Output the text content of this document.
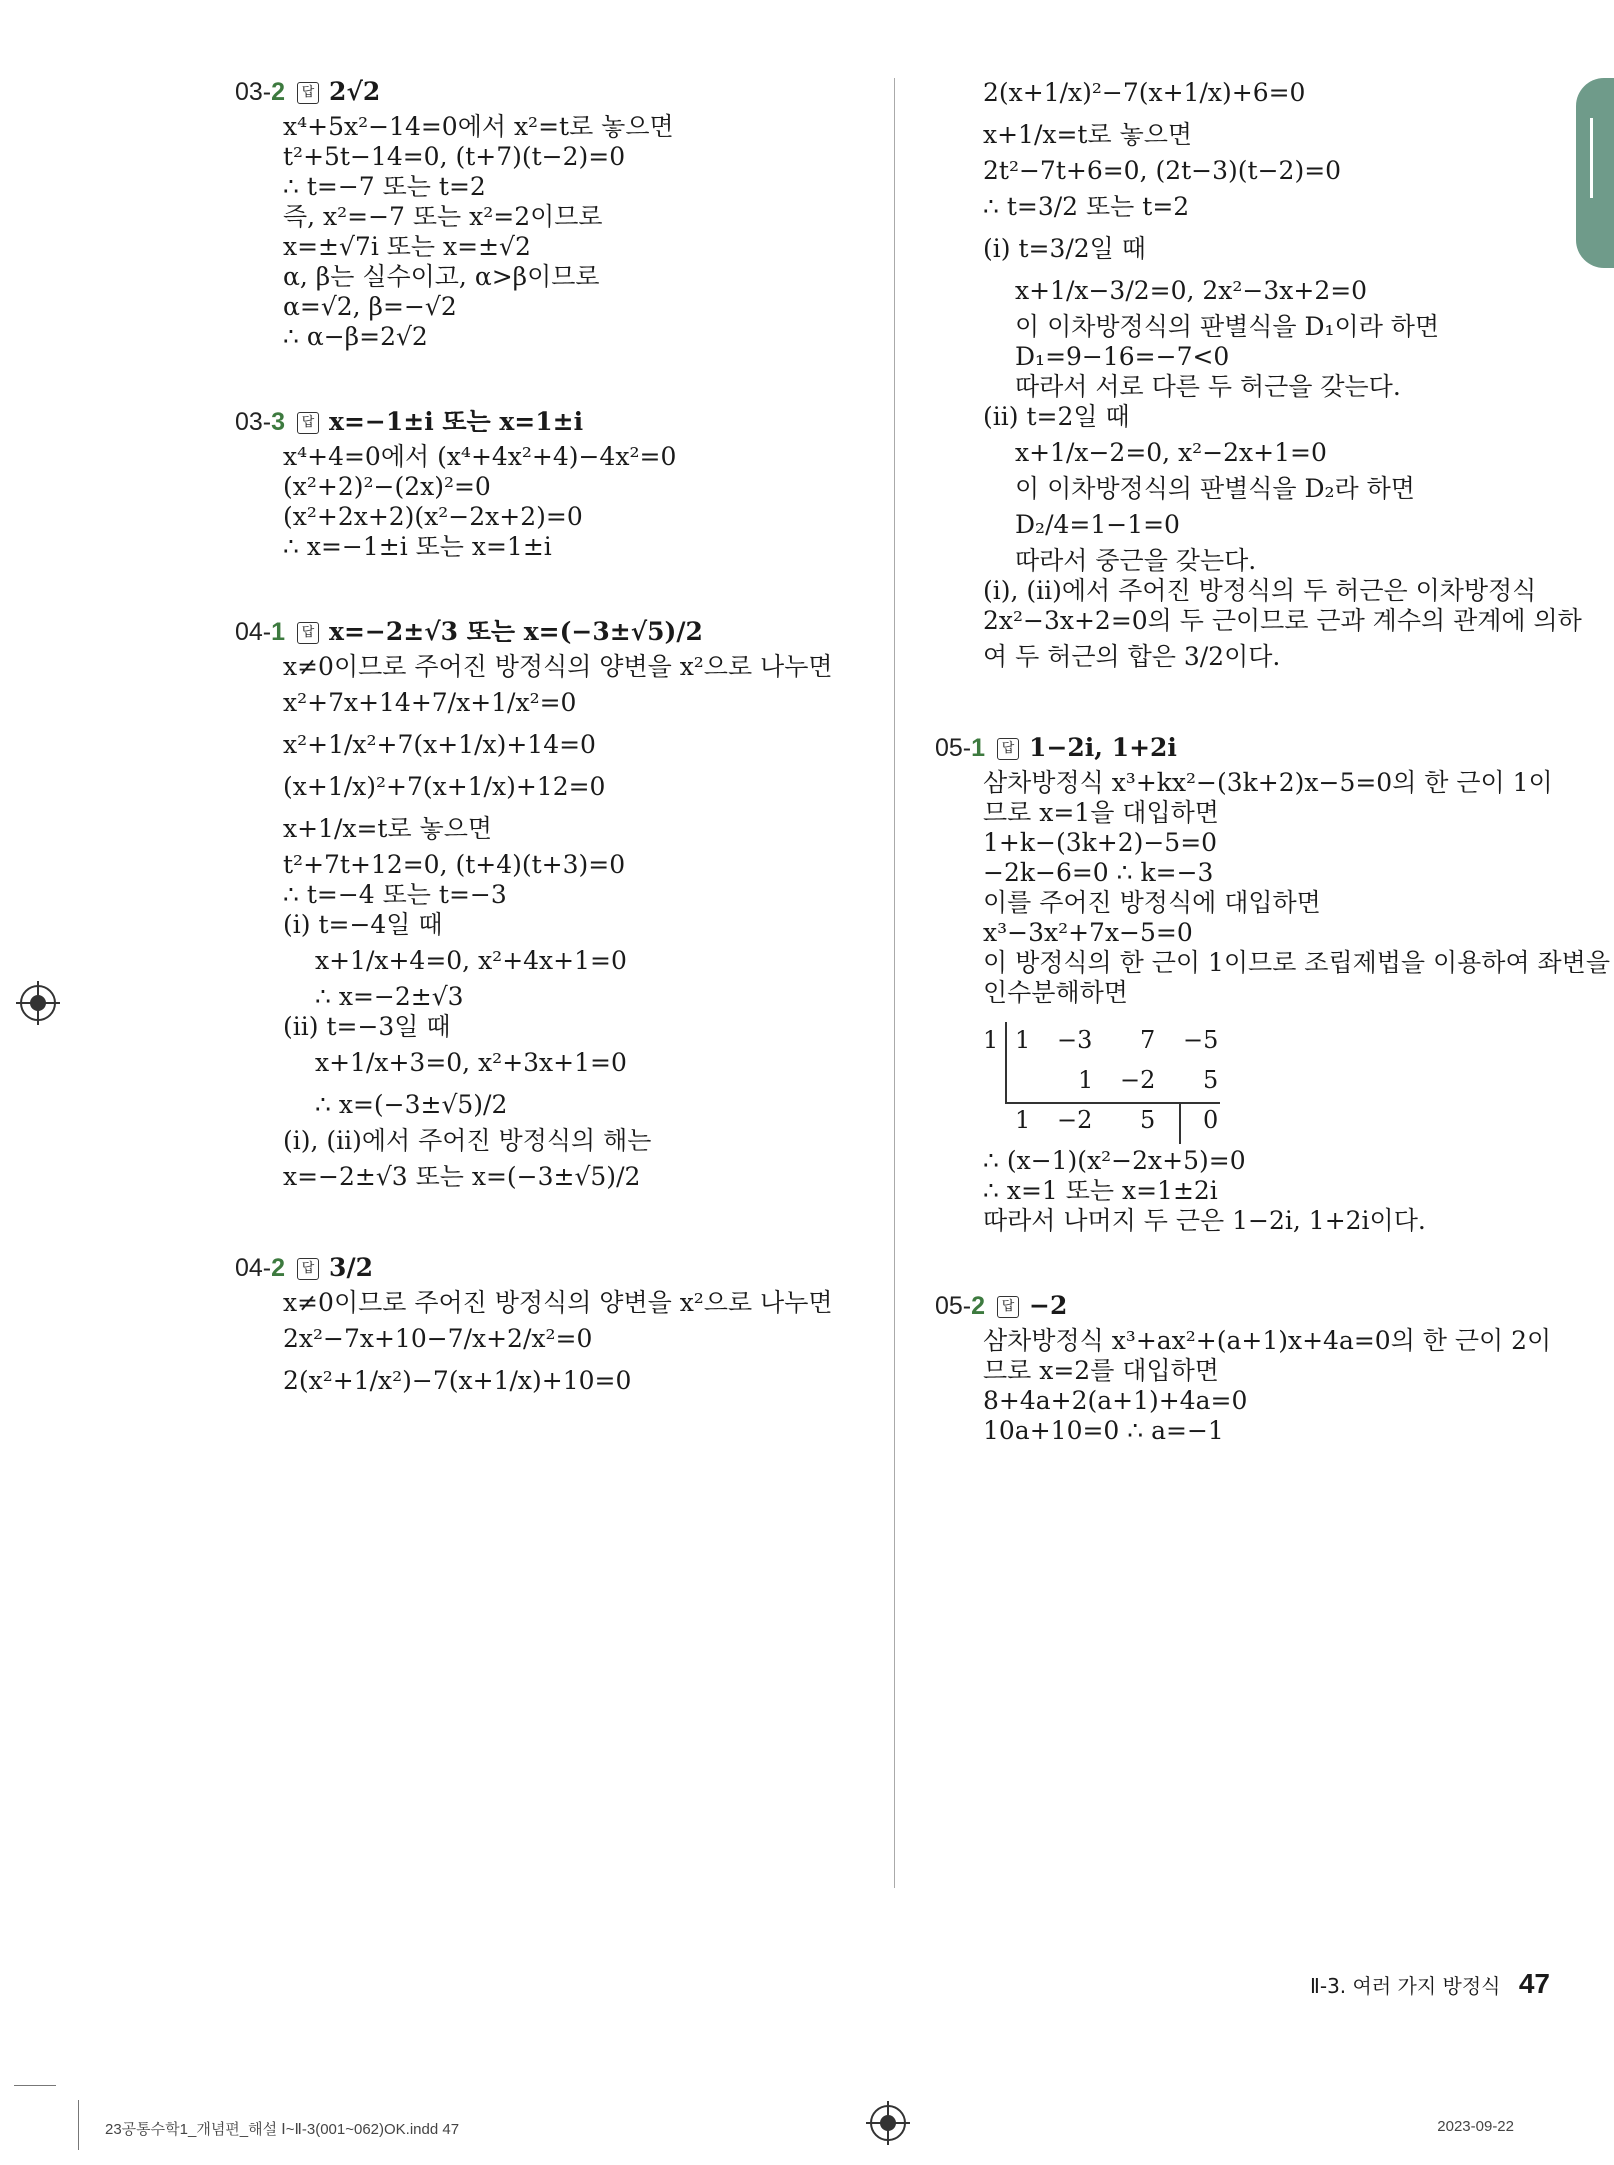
03-2 답 2√2
x⁴+5x²−14=0에서 x²=t로 놓으면
t²+5t−14=0, (t+7)(t−2)=0
∴ t=−7 또는 t=2
즉, x²=−7 또는 x²=2이므로
x=±√7i 또는 x=±√2
α, β는 실수이고, α>β이므로
α=√2, β=−√2
∴ α−β=2√2
03-3 답 x=−1±i 또는 x=1±i
x⁴+4=0에서 (x⁴+4x²+4)−4x²=0
(x²+2)²−(2x)²=0
(x²+2x+2)(x²−2x+2)=0
∴ x=−1±i 또는 x=1±i
04-1 답 x=−2±√3 또는 x=(−3±√5)/2
x≠0이므로 주어진 방정식의 양변을 x²으로 나누면
x²+7x+14+7/x+1/x²=0
x²+1/x²+7(x+1/x)+14=0
(x+1/x)²+7(x+1/x)+12=0
x+1/x=t로 놓으면
t²+7t+12=0, (t+4)(t+3)=0
∴ t=−4 또는 t=−3
(ⅰ) t=−4일 때
x+1/x+4=0, x²+4x+1=0
∴ x=−2±√3
(ⅱ) t=−3일 때
x+1/x+3=0, x²+3x+1=0
∴ x=(−3±√5)/2
(ⅰ), (ⅱ)에서 주어진 방정식의 해는
x=−2±√3 또는 x=(−3±√5)/2
04-2 답 3/2
x≠0이므로 주어진 방정식의 양변을 x²으로 나누면
2x²−7x+10−7/x+2/x²=0
2(x²+1/x²)−7(x+1/x)+10=0
2(x+1/x)²−7(x+1/x)+6=0
x+1/x=t로 놓으면
2t²−7t+6=0, (2t−3)(t−2)=0
∴ t=3/2 또는 t=2
(ⅰ) t=3/2일 때
x+1/x−3/2=0, 2x²−3x+2=0
이 이차방정식의 판별식을 D₁이라 하면
D₁=9−16=−7<0
따라서 서로 다른 두 허근을 갖는다.
(ⅱ) t=2일 때
x+1/x−2=0, x²−2x+1=0
이 이차방정식의 판별식을 D₂라 하면
D₂/4=1−1=0
따라서 중근을 갖는다.
(ⅰ), (ⅱ)에서 주어진 방정식의 두 허근은 이차방정식
2x²−3x+2=0의 두 근이므로 근과 계수의 관계에 의하
여 두 허근의 합은 3/2이다.
05-1 답 1−2i, 1+2i
삼차방정식 x³+kx²−(3k+2)x−5=0의 한 근이 1이
므로 x=1을 대입하면
1+k−(3k+2)−5=0
−2k−6=0 ∴ k=−3
이를 주어진 방정식에 대입하면
x³−3x²+7x−5=0
이 방정식의 한 근이 1이므로 조립제법을 이용하여 좌변을
인수분해하면
1 1 −3 7 −5
1 −2 5
1 −2 5 0
∴ (x−1)(x²−2x+5)=0
∴ x=1 또는 x=1±2i
따라서 나머지 두 근은 1−2i, 1+2i이다.
05-2 답 −2
삼차방정식 x³+ax²+(a+1)x+4a=0의 한 근이 2이
므로 x=2를 대입하면
8+4a+2(a+1)+4a=0
10a+10=0 ∴ a=−1
Ⅱ-3. 여러 가지 방정식 47
23공통수학1_개념편_해설 Ⅰ~Ⅱ-3(001~062)OK.indd 47	2023-09-22
